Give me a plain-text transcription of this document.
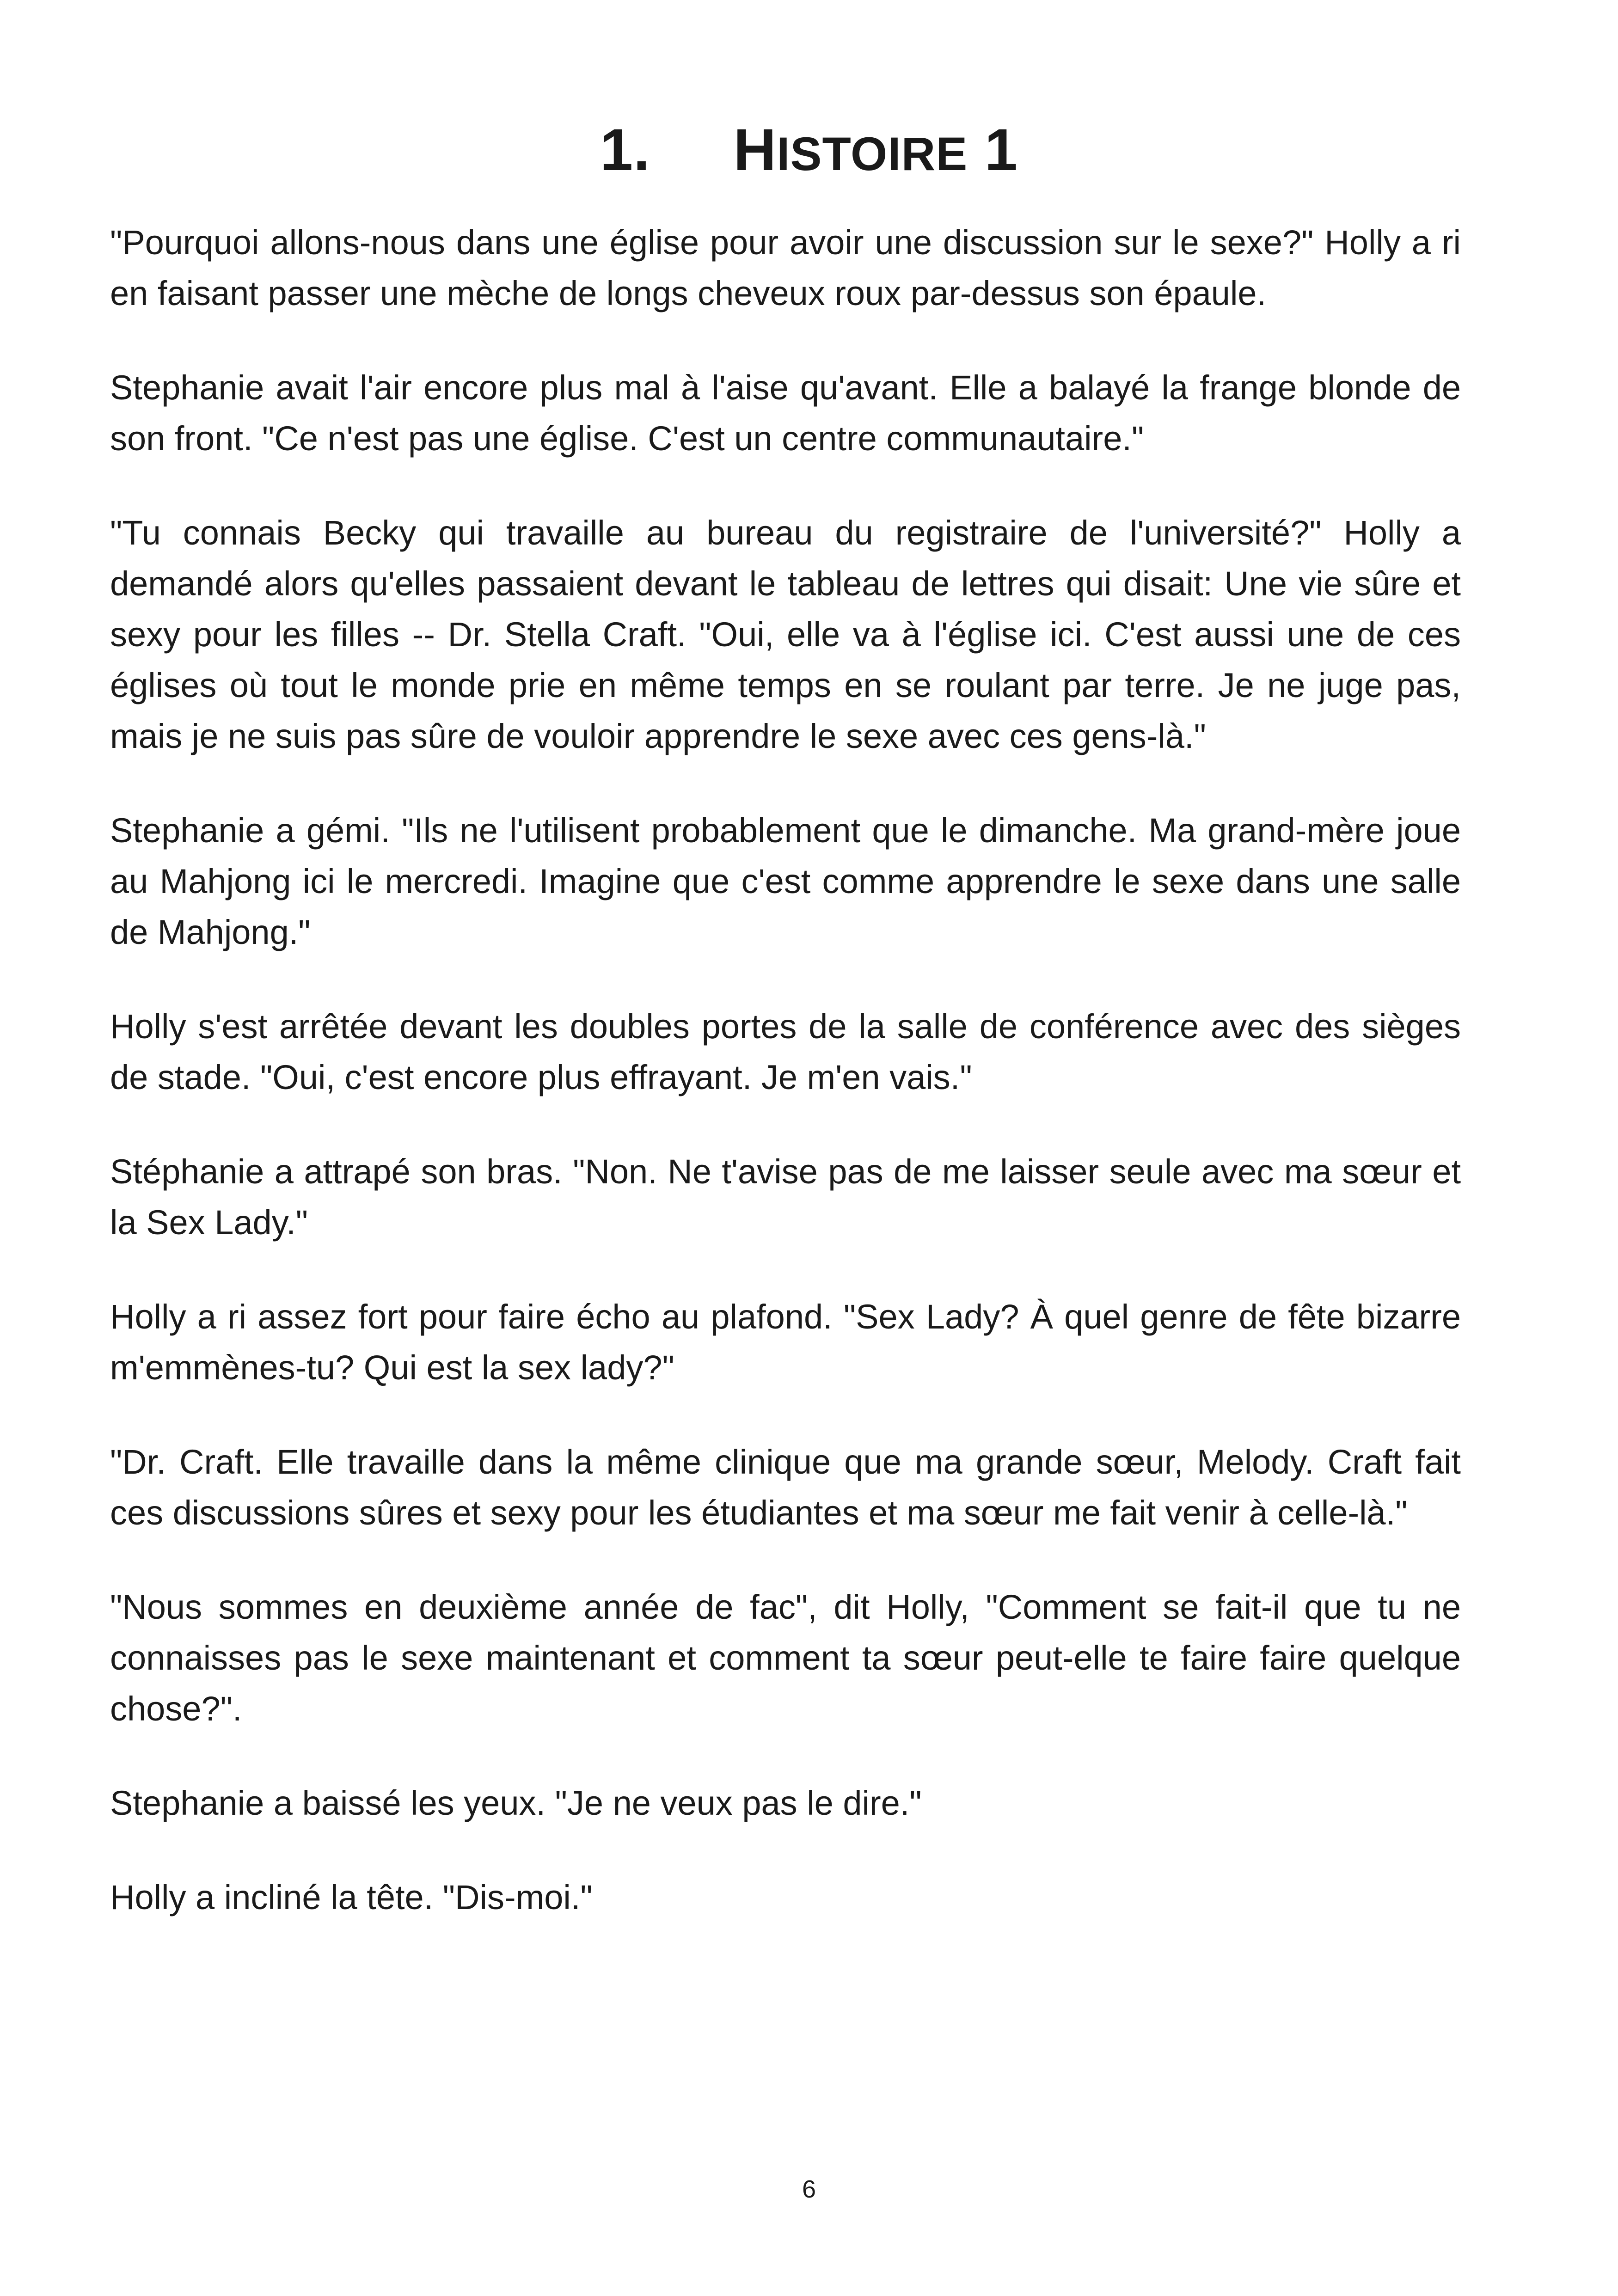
1. HISTOIRE 1

"Pourquoi allons-nous dans une église pour avoir une discussion sur le sexe?" Holly a ri en faisant passer une mèche de longs cheveux roux par-dessus son épaule.

Stephanie avait l'air encore plus mal à l'aise qu'avant. Elle a balayé la frange blonde de son front. "Ce n'est pas une église. C'est un centre communautaire."

"Tu connais Becky qui travaille au bureau du registraire de l'université?" Holly a demandé alors qu'elles passaient devant le tableau de lettres qui disait: Une vie sûre et sexy pour les filles -- Dr. Stella Craft. "Oui, elle va à l'église ici. C'est aussi une de ces églises où tout le monde prie en même temps en se roulant par terre. Je ne juge pas, mais je ne suis pas sûre de vouloir apprendre le sexe avec ces gens-là."

Stephanie a gémi. "Ils ne l'utilisent probablement que le dimanche. Ma grand-mère joue au Mahjong ici le mercredi. Imagine que c'est comme apprendre le sexe dans une salle de Mahjong."

Holly s'est arrêtée devant les doubles portes de la salle de conférence avec des sièges de stade. "Oui, c'est encore plus effrayant. Je m'en vais."

Stéphanie a attrapé son bras. "Non. Ne t'avise pas de me laisser seule avec ma sœur et la Sex Lady."

Holly a ri assez fort pour faire écho au plafond. "Sex Lady? À quel genre de fête bizarre m'emmènes-tu? Qui est la sex lady?"

"Dr. Craft. Elle travaille dans la même clinique que ma grande sœur, Melody. Craft fait ces discussions sûres et sexy pour les étudiantes et ma sœur me fait venir à celle-là."

"Nous sommes en deuxième année de fac", dit Holly, "Comment se fait-il que tu ne connaisses pas le sexe maintenant et comment ta sœur peut-elle te faire faire quelque chose?".

Stephanie a baissé les yeux. "Je ne veux pas le dire."

Holly a incliné la tête. "Dis-moi."

6
